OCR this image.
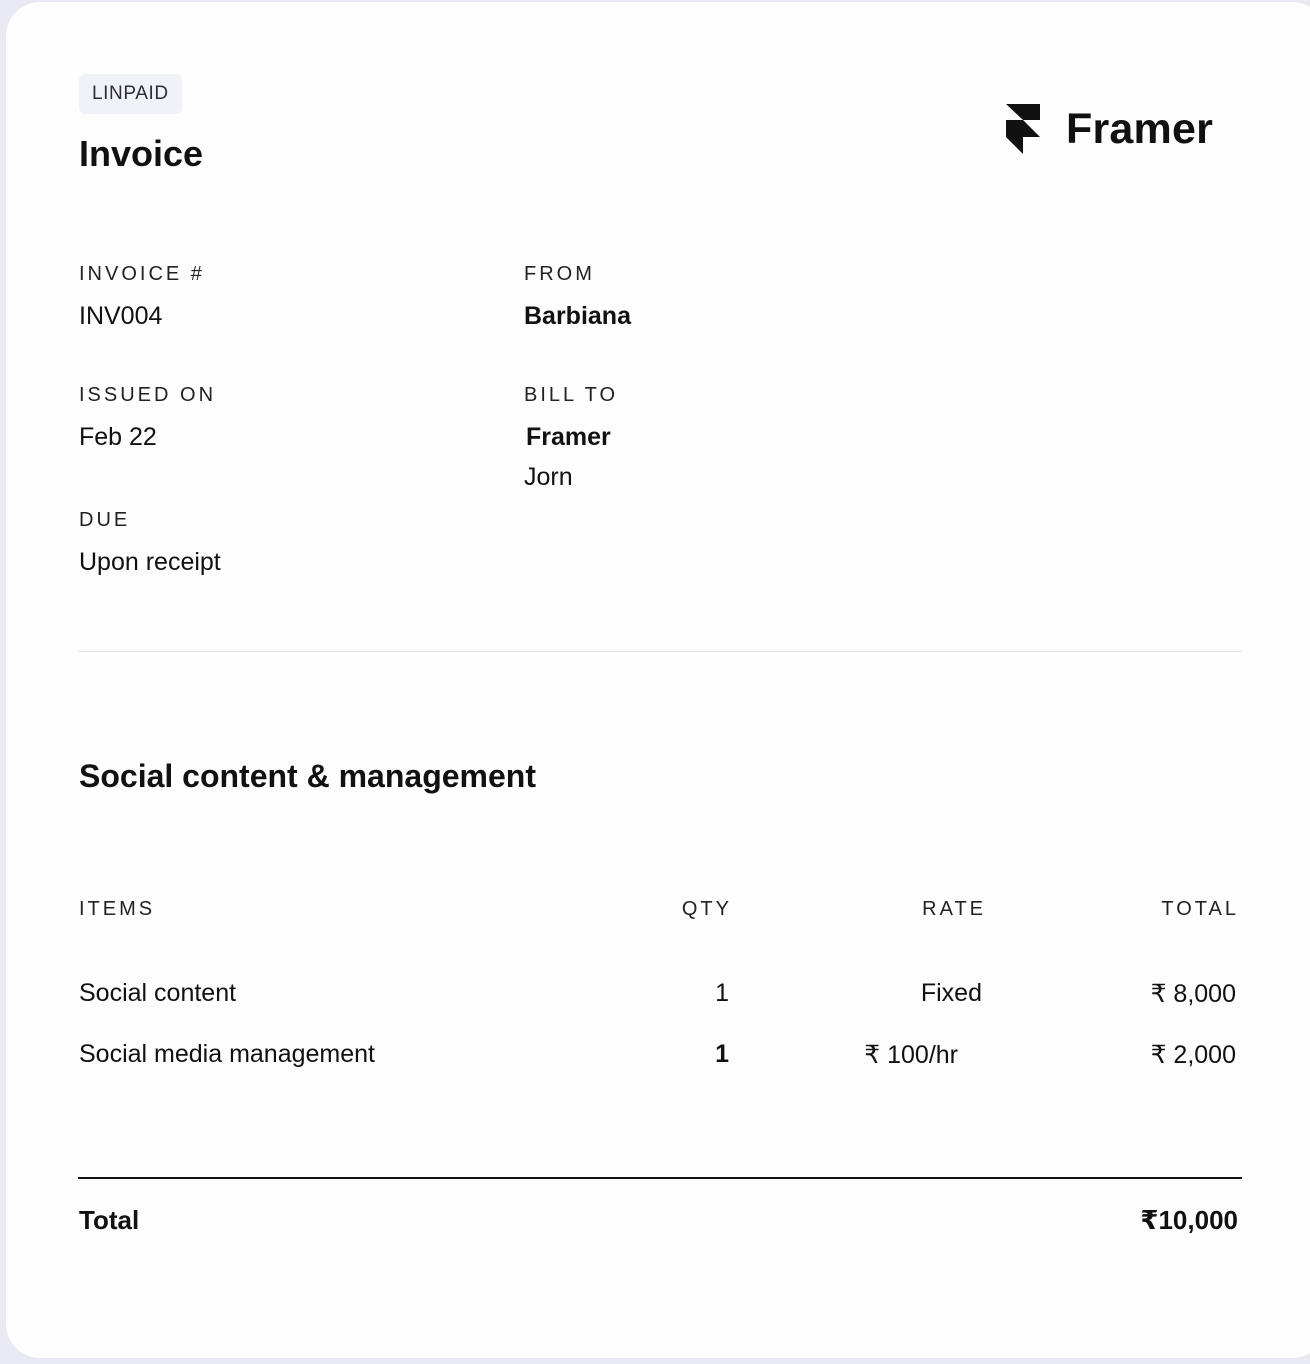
LINPAID
Invoice
Framer
INVOICE #
INV004
ISSUED ON
Feb 22
DUE
Upon receipt
FROM
Barbiana
BILL TO
Framer
Jorn
Social content & management
ITEMS	QTY	RATE	TOTAL
Social content	1	Fixed	₹ 8,000
Social media management	1	₹ 100/hr	₹ 2,000
Total	₹10,000
